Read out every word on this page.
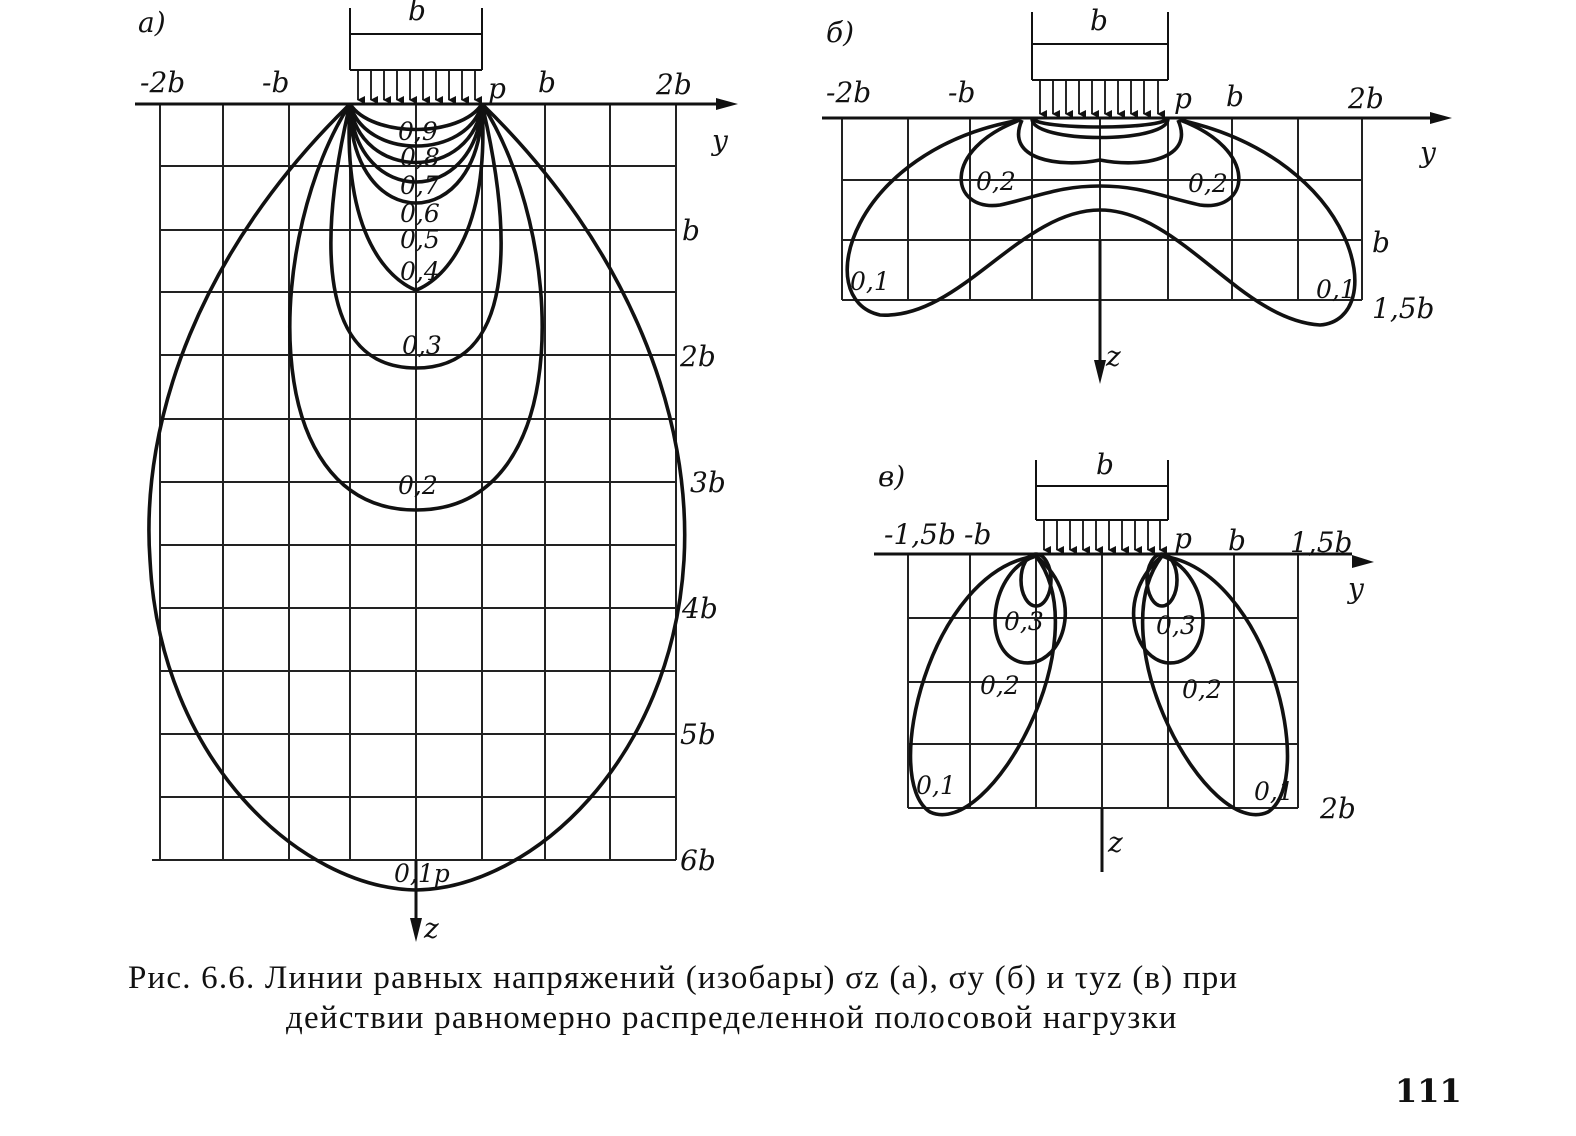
а)	b
p
y
z
-2b	-b	b	2b
b
2b
3b
4b
5b
6b
0,9
0,8
0,7
0,6
0,5
0,4
0,3
0,2
0,1p
б)	b
p
y
z
-2b	-b	b	2b
b
1,5b
0,2	0,2
0,1	0,1
в)	b
p
y
z
-1,5b -b	b 1,5b
2b
0,3	0,3
0,2	0,2
0,1	0,1
Рис. 6.6. Линии равных напряжений (изобары) σz (а), σy (б) и τyz (в) при
действии равномерно распределенной полосовой нагрузки
111
